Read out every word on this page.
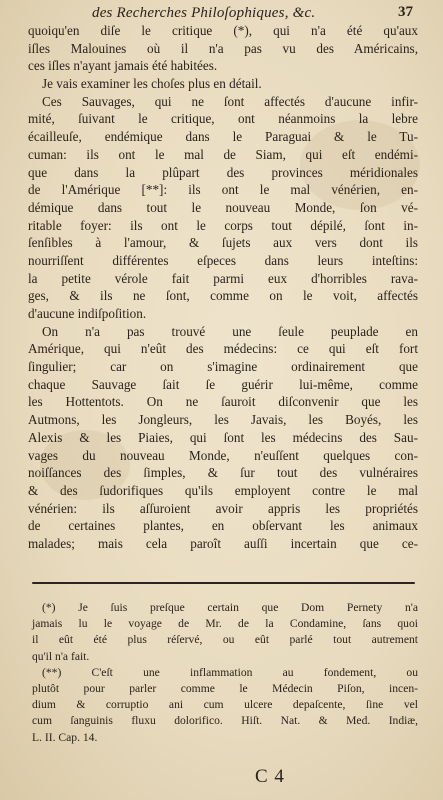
des Recherches Philoſophiques, &c.	37
quoiqu'en diſe le critique (*), qui n'a été qu'aux
iſles Malouines où il n'a pas vu des Américains,
ces iſles n'ayant jamais été habitées.
Je vais examiner les choſes plus en détail.
Ces Sauvages, qui ne ſont affectés d'aucune infir-
mité, ſuivant le critique, ont néanmoins la lebre
écailleuſe, endémique dans le Paraguai & le Tu-
cuman: ils ont le mal de Siam, qui eſt endémi-
que dans la plûpart des provinces méridionales
de l'Amérique [**]: ils ont le mal vénérien, en-
démique dans tout le nouveau Monde, ſon vé-
ritable foyer: ils ont le corps tout dépilé, ſont in-
ſenſibles à l'amour, & ſujets aux vers dont ils
nourriſſent différentes eſpeces dans leurs inteſtins:
la petite vérole fait parmi eux d'horribles rava-
ges, & ils ne ſont, comme on le voit, affectés
d'aucune indiſpoſition.
On n'a pas trouvé une ſeule peuplade en
Amérique, qui n'eût des médecins: ce qui eſt fort
ſingulier; car on s'imagine ordinairement que
chaque Sauvage ſait ſe guérir lui-même, comme
les Hottentots. On ne ſauroit diſconvenir que les
Autmons, les Jongleurs, les Javais, les Boyés, les
Alexis & les Piaies, qui ſont les médecins des Sau-
vages du nouveau Monde, n'euſſent quelques con-
noiſſances des ſimples, & ſur tout des vulnéraires
& des ſudorifiques qu'ils employent contre le mal
vénérien: ils aſſuroient avoir appris les propriétés
de certaines plantes, en obſervant les animaux
malades; mais cela paroît auſſi incertain que ce-
(*) Je ſuis preſque certain que Dom Pernety n'a
jamais lu le voyage de Mr. de la Condamine, ſans quoi
il eût été plus réſervé, ou eût parlé tout autrement
qu'il n'a fait.
(**) C'eſt une inflammation au fondement, ou
plutôt pour parler comme le Médecin Piſon, incen-
dium & corruptio ani cum ulcere depaſcente, ſine vel
cum ſanguinis fluxu dolorifico. Hiſt. Nat. & Med. Indiæ,
L. II. Cap. 14.
C 4
